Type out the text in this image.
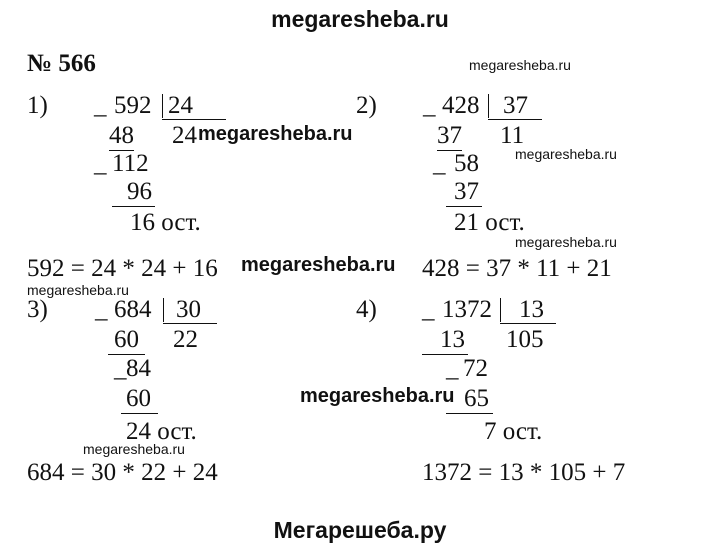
megaresheba.ru
Мегарешеба.ру
№ 566	megaresheba.ru
megaresheba.ru
megaresheba.ru
megaresheba.ru
megaresheba.ru
megaresheba.ru
megaresheba.ru
megaresheba.ru
1) _ 592 24
48 24
_ 112
96
16 ост.
592 = 24 * 24 + 16
2) _ 428 37
37 11
_ 58
37
21 ост.
428 = 37 * 11 + 21
3) _ 684 30
60 22
_ 84
60
24 ост.
684 = 30 * 22 + 24
4) _ 1372 13
13 105
_ 72
65
7 ост.
1372 = 13 * 105 + 7
